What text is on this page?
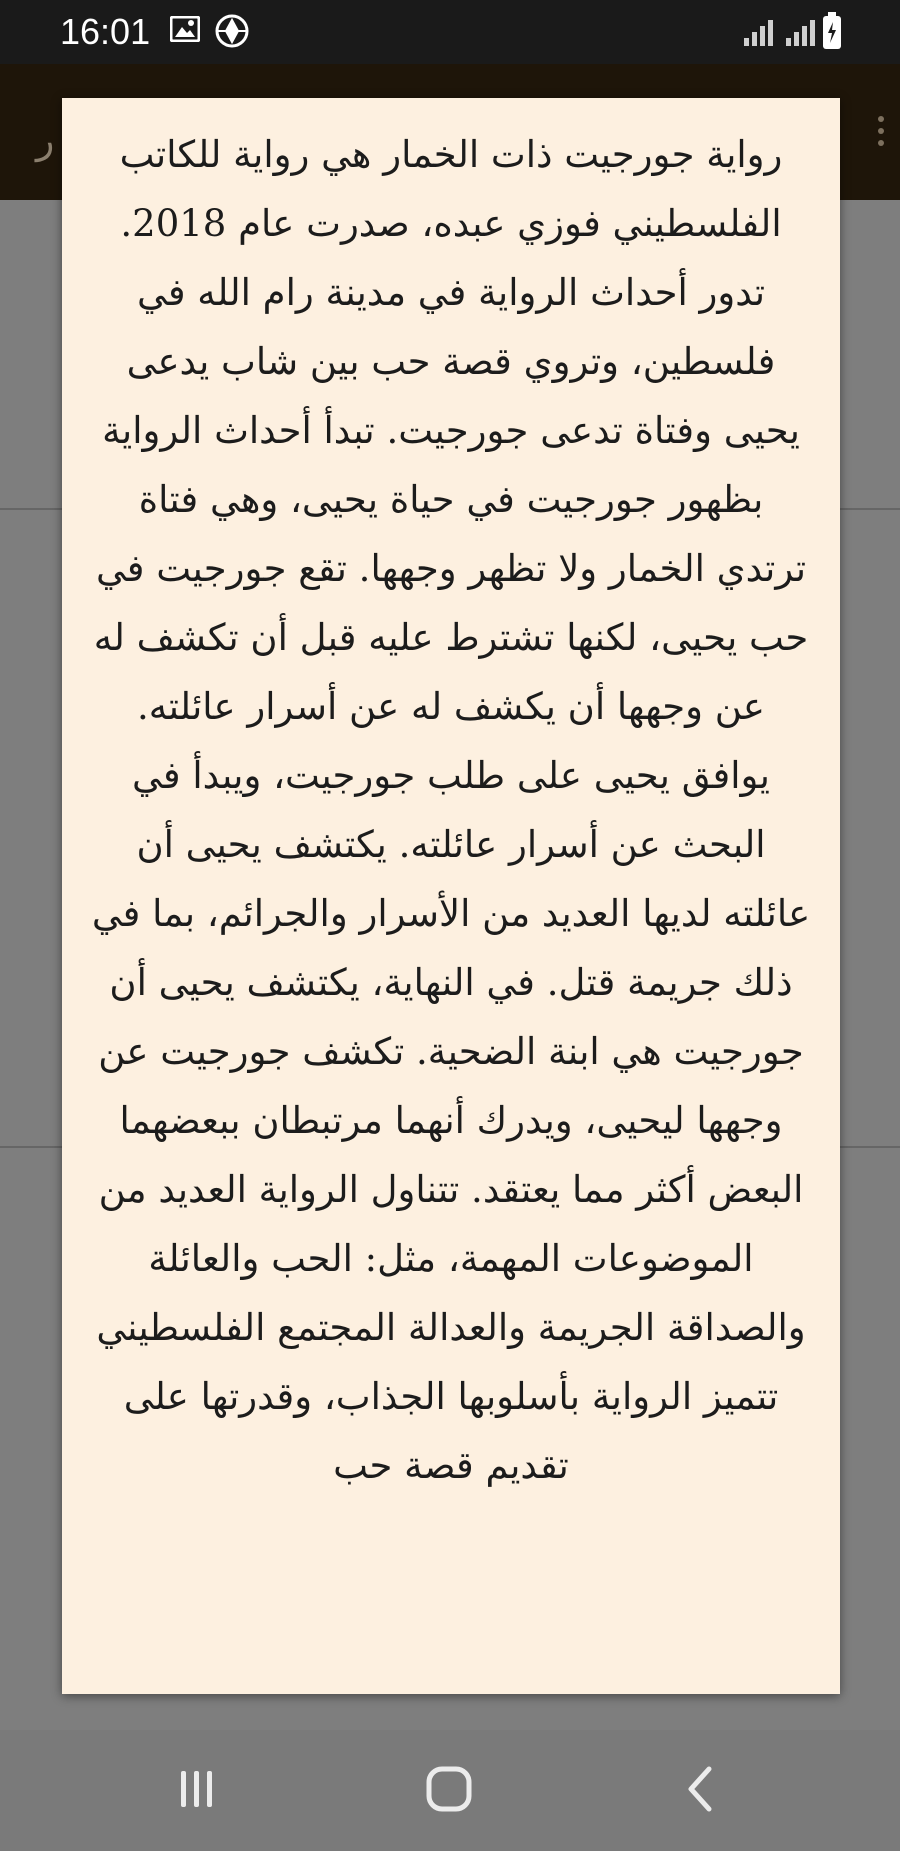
16:01
ر	رواية جورجيت ذات الخمار هي رواية للكاتب الفلسطيني فوزي عبده، صدرت عام 2018. تدور أحداث الرواية في مدينة رام الله في فلسطين، وتروي قصة حب بين شاب يدعى يحيى وفتاة تدعى جورجيت. تبدأ أحداث الرواية بظهور جورجيت في حياة يحيى، وهي فتاة ترتدي الخمار ولا تظهر وجهها. تقع جورجيت في حب يحيى، لكنها تشترط عليه قبل أن تكشف له عن وجهها أن يكشف له عن أسرار عائلته. يوافق يحيى على طلب جورجيت، ويبدأ في البحث عن أسرار عائلته. يكتشف يحيى أن عائلته لديها العديد من الأسرار والجرائم، بما في ذلك جريمة قتل. في النهاية، يكتشف يحيى أن جورجيت هي ابنة الضحية. تكشف جورجيت عن وجهها ليحيى، ويدرك أنهما مرتبطان ببعضهما البعض أكثر مما يعتقد. تتناول الرواية العديد من الموضوعات المهمة، مثل: الحب والعائلة والصداقة الجريمة والعدالة المجتمع الفلسطيني تتميز الرواية بأسلوبها الجذاب، وقدرتها على تقديم قصة حب
